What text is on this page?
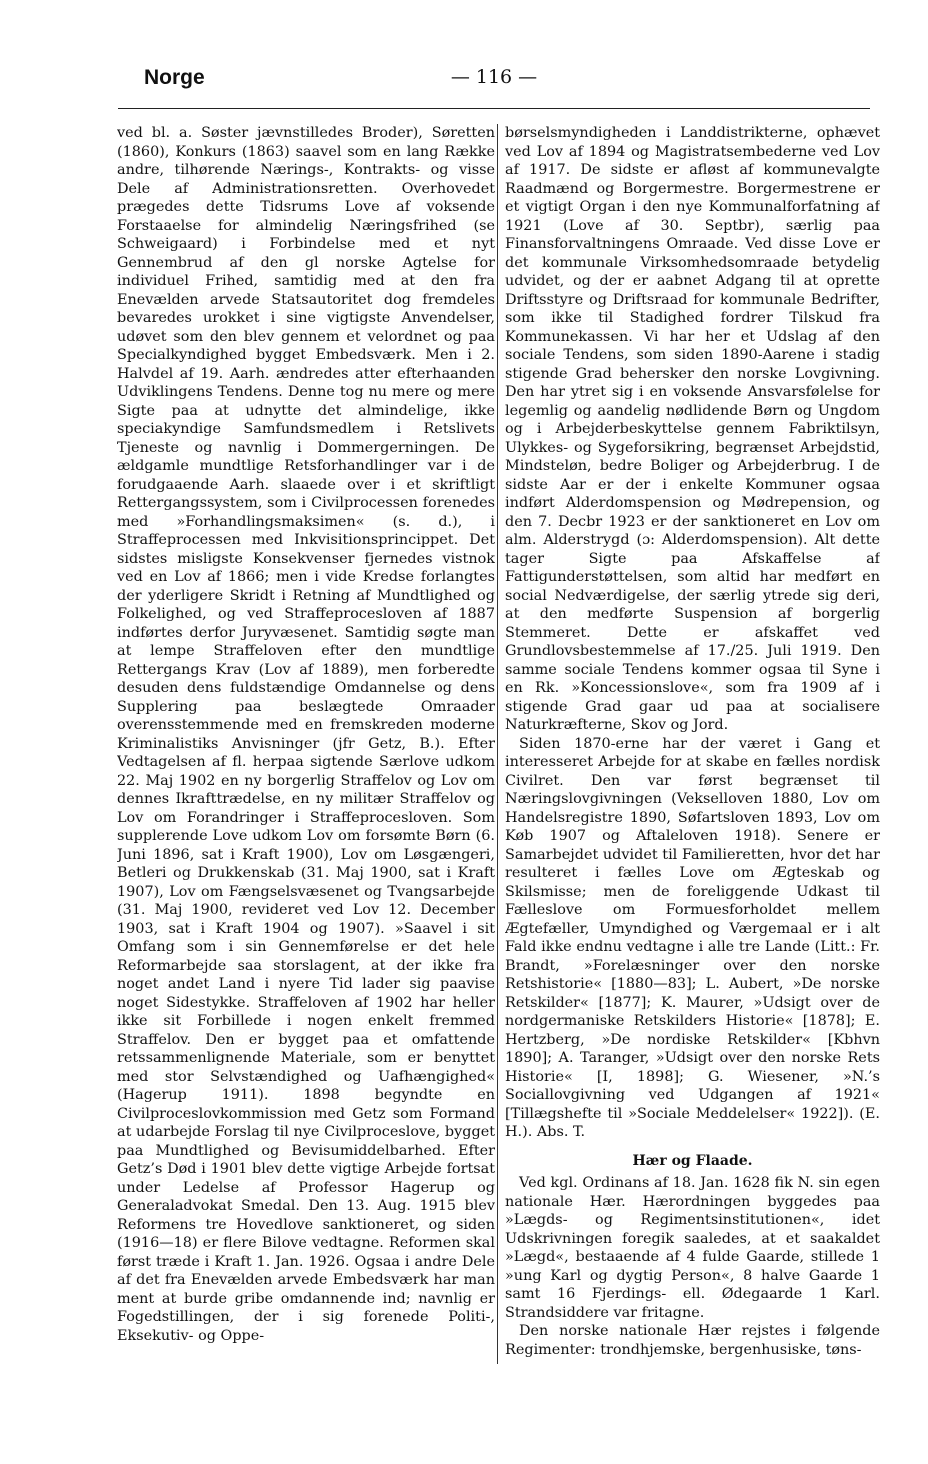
— 116 —
Norge

ved bl. a. Søster jævnstilledes Broder), Søretten (1860), Konkurs (1863) saavel som en lang Række andre, tilhørende Nærings-, Kontrakts- og visse Dele af Administrationsretten. Overhovedet prægedes dette Tidsrums Love af voksende Forstaaelse for almindelig Næringsfrihed (se Schweigaard) i Forbindelse med et nyt Gennembrud af den gl norske Agtelse for individuel Frihed, samtidig med at den fra Enevælden arvede Statsautoritet dog fremdeles bevaredes urokket i sine vigtigste Anvendelser, udøvet som den blev gennem et velordnet og paa Specialkyndighed bygget Embedsværk. Men i 2. Halvdel af 19. Aarh. ændredes atter efterhaanden Udviklingens Tendens. Denne tog nu mere og mere Sigte paa at udnytte det almindelige, ikke speciakyndige Samfundsmedlem i Retslivets Tjeneste og navnlig i Dommergerningen. De ældgamle mundtlige Retsforhandlinger var i de forudgaaende Aarh. slaaede over i et skriftligt Rettergangssystem, som i Civilprocessen forenedes med »Forhandlingsmaksimen« (s. d.), i Straffeprocessen med Inkvisitionsprincippet. Det sidstes misligste Konsekvenser fjernedes vistnok ved en Lov af 1866; men i vide Kredse forlangtes der yderligere Skridt i Retning af Mundtlighed og Folkelighed, og ved Straffeprocesloven af 1887 indførtes derfor Juryvæsenet. Samtidig søgte man at lempe Straffeloven efter den mundtlige Rettergangs Krav (Lov af 1889), men forberedte desuden dens fuldstændige Omdannelse og dens Supplering paa beslægtede Omraader overensstemmende med en fremskreden moderne Kriminalistiks Anvisninger (jfr Getz, B.). Efter Vedtagelsen af fl. herpaa sigtende Særlove udkom 22. Maj 1902 en ny borgerlig Straffelov og Lov om dennes Ikrafttrædelse, en ny militær Straffelov og Lov om Forandringer i Straffeprocesloven. Som supplerende Love udkom Lov om forsømte Børn (6. Juni 1896, sat i Kraft 1900), Lov om Løsgængeri, Betleri og Drukkenskab (31. Maj 1900, sat i Kraft 1907), Lov om Fængselsvæsenet og Tvangsarbejde (31. Maj 1900, revideret ved Lov 12. December 1903, sat i Kraft 1904 og 1907). »Saavel i sit Omfang som i sin Gennemførelse er det hele Reformarbejde saa storslagent, at der ikke fra noget andet Land i nyere Tid lader sig paavise noget Sidestykke. Straffeloven af 1902 har heller ikke sit Forbillede i nogen enkelt fremmed Straffelov. Den er bygget paa et omfattende retssammenlignende Materiale, som er benyttet med stor Selvstændighed og Uafhængighed« (Hagerup 1911). 1898 begyndte en Civilproceslovkommission med Getz som Formand at udarbejde Forslag til nye Civilproceslove, bygget paa Mundtlighed og Bevisumiddelbarhed. Efter Getz’s Død i 1901 blev dette vigtige Arbejde fortsat under Ledelse af Professor Hagerup og Generaladvokat Smedal. Den 13. Aug. 1915 blev Reformens tre Hovedlove sanktioneret, og siden (1916—18) er flere Bilove vedtagne. Reformen skal først træde i Kraft 1. Jan. 1926. Ogsaa i andre Dele af det fra Enevælden arvede Embedsværk har man ment at burde gribe omdannende ind; navnlig er Fogedstillingen, der i sig forenede Politi-, Eksekutiv- og Oppe-

børselsmyndigheden i Landdistrikterne, ophævet ved Lov af 1894 og Magistratsembederne ved Lov af 1917. De sidste er afløst af kommunevalgte Raadmænd og Borgermestre. Borgermestrene er et vigtigt Organ i den nye Kommunalforfatning af 1921 (Love af 30. Septbr), særlig paa Finansforvaltningens Omraade. Ved disse Love er det kommunale Virksomhedsomraade betydelig udvidet, og der er aabnet Adgang til at oprette Driftsstyre og Driftsraad for kommunale Bedrifter, som ikke til Stadighed fordrer Tilskud fra Kommunekassen. Vi har her et Udslag af den sociale Tendens, som siden 1890-Aarene i stadig stigende Grad behersker den norske Lovgivning. Den har ytret sig i en voksende Ansvarsfølelse for legemlig og aandelig nødlidende Børn og Ungdom og i Arbejderbeskyttelse gennem Fabriktilsyn, Ulykkes- og Sygeforsikring, begrænset Arbejdstid, Mindsteløn, bedre Boliger og Arbejderbrug. I de sidste Aar er der i enkelte Kommuner ogsaa indført Alderdomspension og Mødrepension, og den 7. Decbr 1923 er der sanktioneret en Lov om alm. Alderstrygd (ɔ: Alderdomspension). Alt dette tager Sigte paa Afskaffelse af Fattigunderstøttelsen, som altid har medført en social Nedværdigelse, der særlig ytrede sig deri, at den medførte Suspension af borgerlig Stemmeret. Dette er afskaffet ved Grundlovsbestemmelse af 17./25. Juli 1919. Den samme sociale Tendens kommer ogsaa til Syne i en Rk. »Koncessionslove«, som fra 1909 af i stigende Grad gaar ud paa at socialisere Naturkræfterne, Skov og Jord.

Siden 1870-erne har der været i Gang et interesseret Arbejde for at skabe en fælles nordisk Civilret. Den var først begrænset til Næringslovgivningen (Vekselloven 1880, Lov om Handelsregistre 1890, Søfartsloven 1893, Lov om Køb 1907 og Aftaleloven 1918). Senere er Samarbejdet udvidet til Familieretten, hvor det har resulteret i fælles Love om Ægteskab og Skilsmisse; men de foreliggende Udkast til Fælleslove om Formuesforholdet mellem Ægtefæller, Umyndighed og Værgemaal er i alt Fald ikke endnu vedtagne i alle tre Lande (Litt.: Fr. Brandt, »Forelæsninger over den norske Retshistorie« [1880—83]; L. Aubert, »De norske Retskilder« [1877]; K. Maurer, »Udsigt over de nordgermaniske Retskilders Historie« [1878]; E. Hertzberg, »De nordiske Retskilder« [Kbhvn 1890]; A. Taranger, »Udsigt over den norske Rets Historie« [I, 1898]; G. Wiesener, »N.’s Sociallovgivning ved Udgangen af 1921« [Tillægshefte til »Sociale Meddelelser« 1922]). (E. H.). Abs. T.

Hær og Flaade.

Ved kgl. Ordinans af 18. Jan. 1628 fik N. sin egen nationale Hær. Hærordningen byggedes paa »Lægds- og Regimentsinstitutionen«, idet Udskrivningen foregik saaledes, at et saakaldet »Lægd«, bestaaende af 4 fulde Gaarde, stillede 1 »ung Karl og dygtig Person«, 8 halve Gaarde 1 samt 16 Fjerdings- ell. Ødegaarde 1 Karl. Strandsiddere var fritagne.

Den norske nationale Hær rejstes i følgende Regimenter: trondhjemske, bergenhusiske, tøns-
